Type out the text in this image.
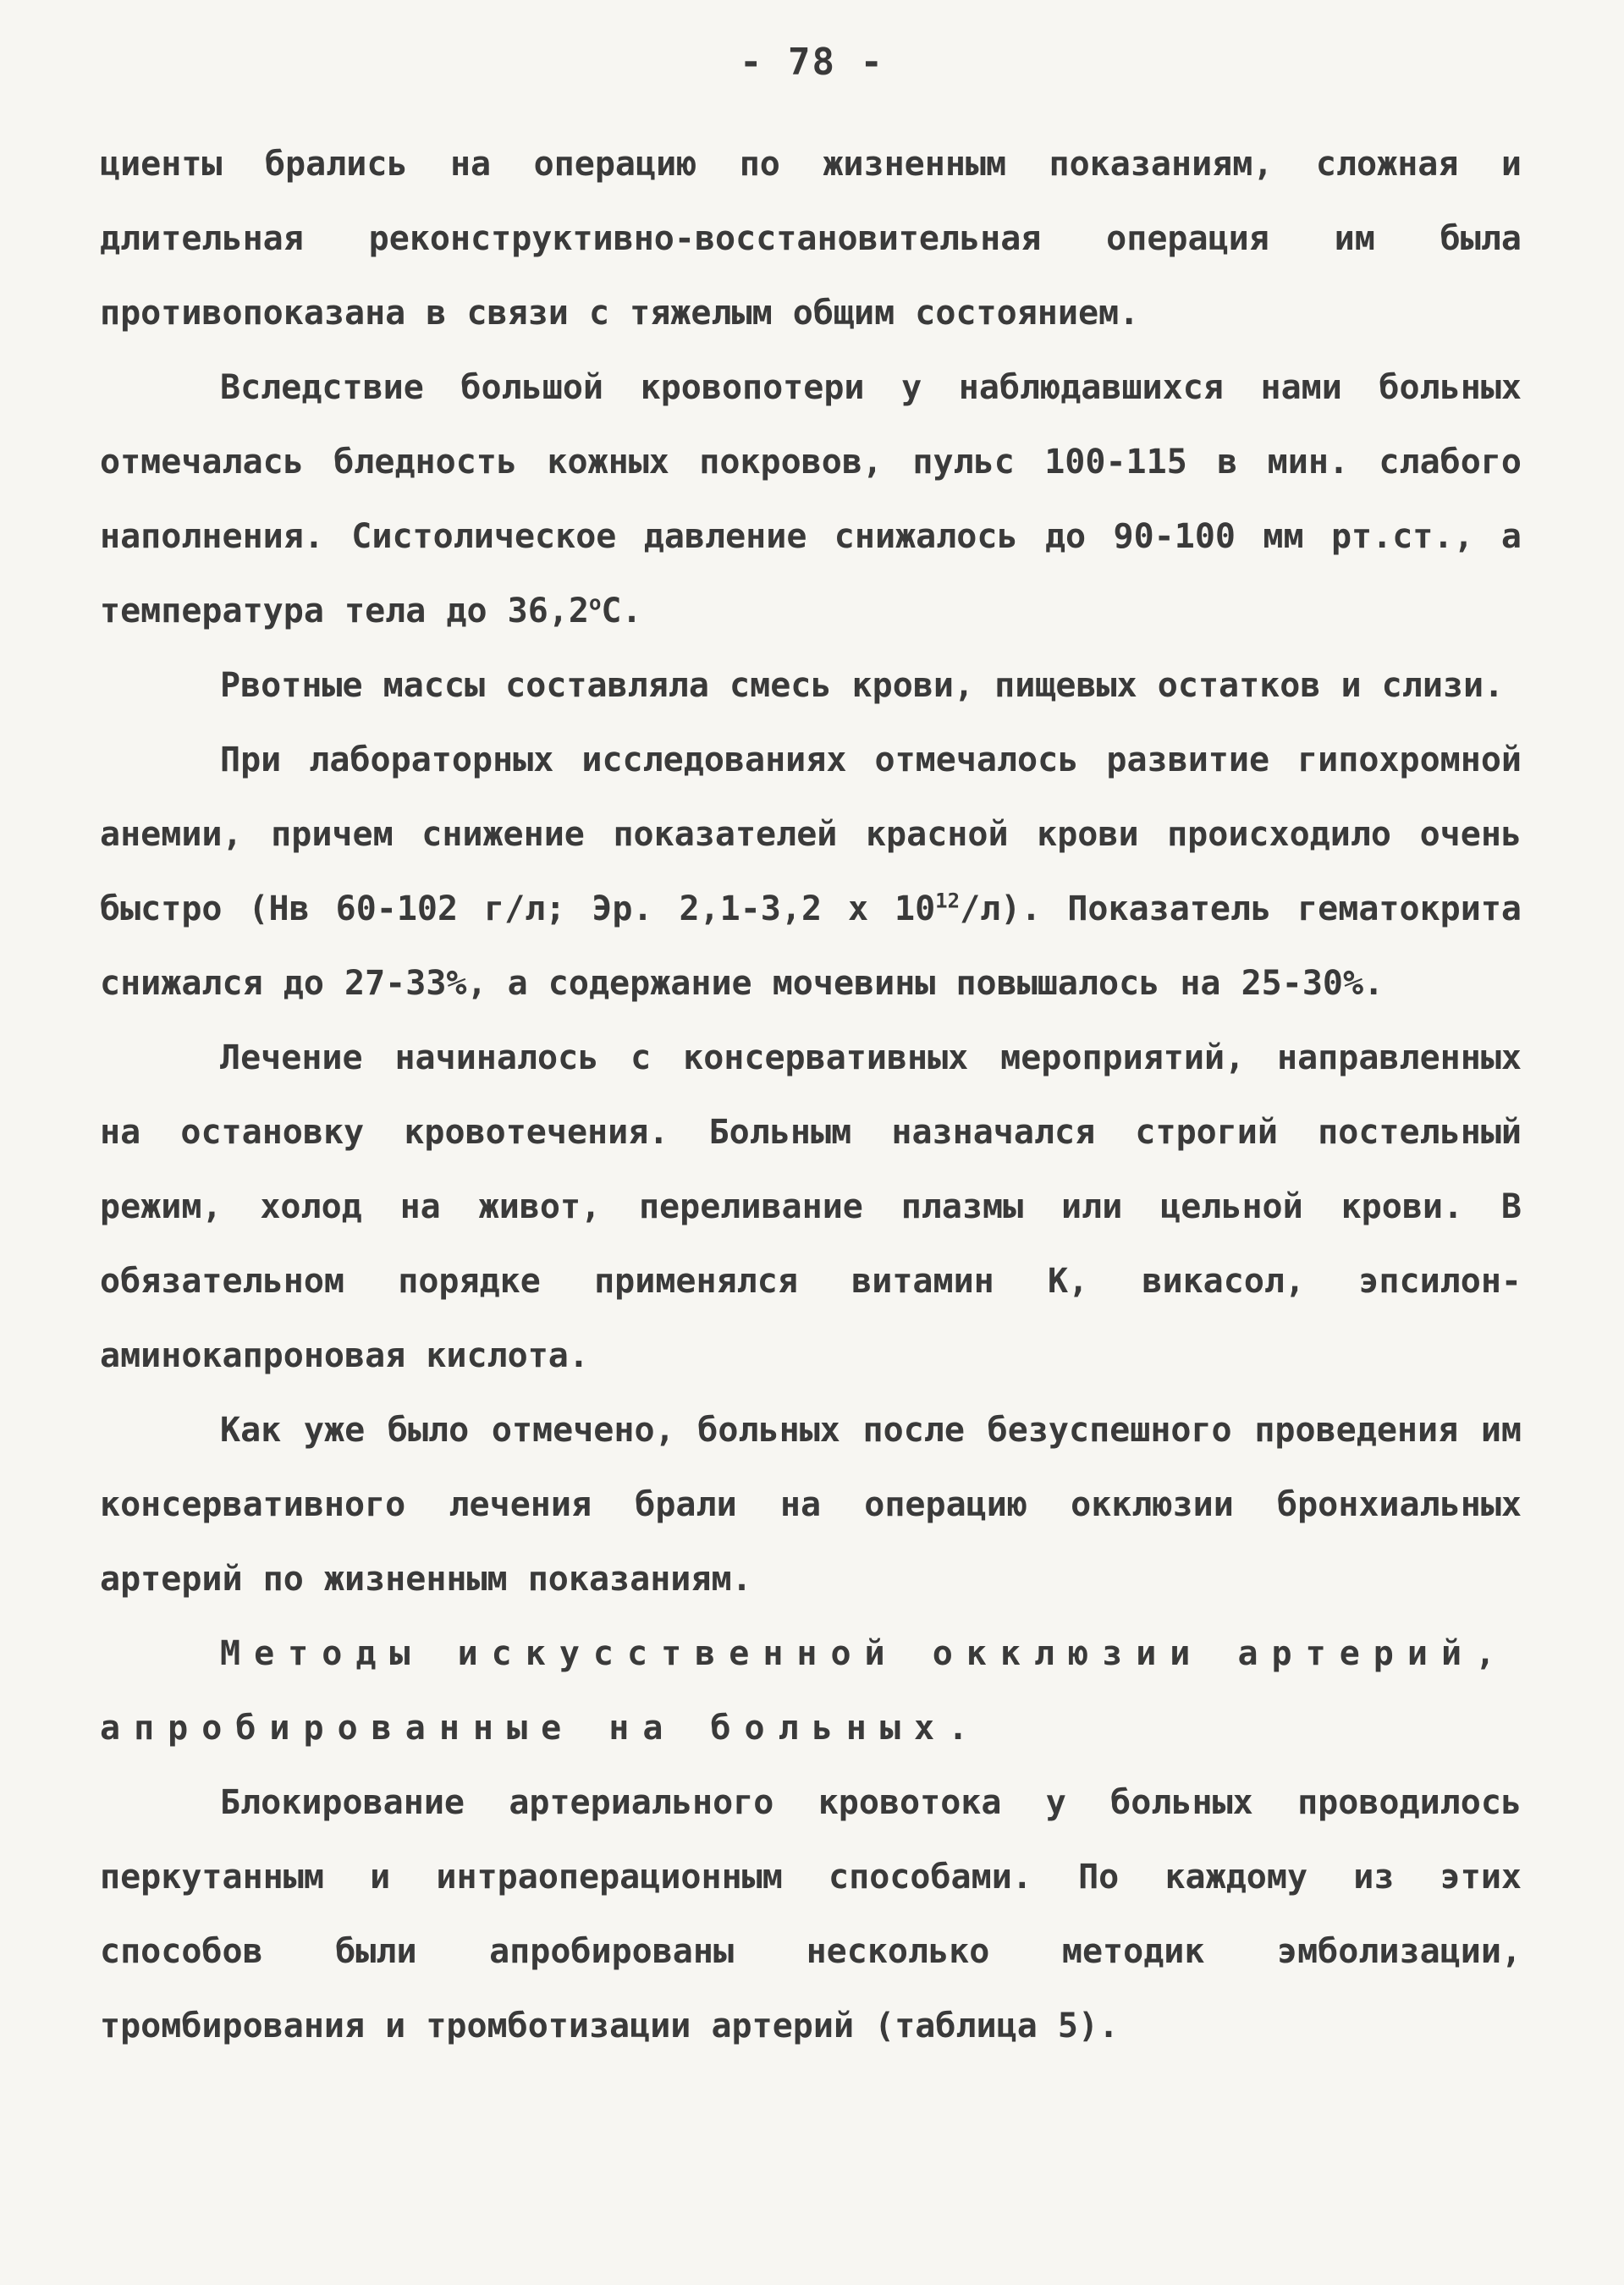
- 78 -

циенты брались на операцию по жизненным показаниям, сложная и длительная реконструктивно-восстановительная операция им была противопоказана в связи с тяжелым общим состоянием.

Вследствие большой кровопотери у наблюдавшихся нами больных отмечалась бледность кожных покровов, пульс 100-115 в мин. слабого наполнения. Систолическое давление снижалось до 90-100 мм рт.ст., а температура тела до $36,2^оС$.

Рвотные массы составляла смесь крови, пищевых остатков и слизи.

При лабораторных исследованиях отмечалось развитие гипохромной анемии, причем снижение показателей красной крови происходило очень быстро (Нв 60-102 г/л; Эр. 2,1-3,2 х $10^{12}/л$). Показатель гематокрита снижался до 27-33%, а содержание мочевины повышалось на 25-30%.

Лечение начиналось с консервативных мероприятий, направленных на остановку кровотечения. Больным назначался строгий постельный режим, холод на живот, переливание плазмы или цельной крови. В обязательном порядке применялся витамин К, викасол, эпсилон-аминокапроновая кислота.

Как уже было отмечено, больных после безуспешного проведения им консервативного лечения брали на операцию окклюзии бронхиальных артерий по жизненным показаниям.

Методы искусственной окклюзии артерий, апробированные на больных.

Блокирование артериального кровотока у больных проводилось перкутанным и интраоперационным способами. По каждому из этих способов были апробированы несколько методик эмболизации, тромбирования и тромботизации артерий (таблица 5).
